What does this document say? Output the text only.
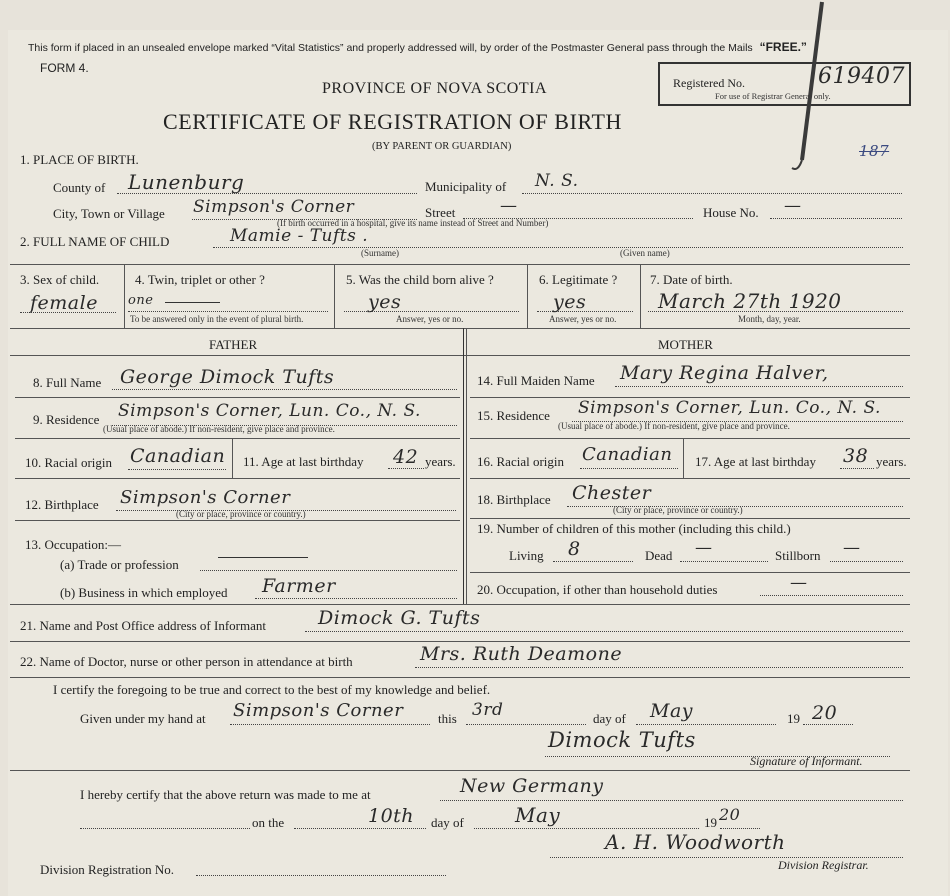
This form if placed in an unsealed envelope marked “Vital Statistics” and properly addressed will, by order of the Postmaster General pass through the Mails “FREE.”
FORM 4.
PROVINCE OF NOVA SCOTIA
CERTIFICATE OF REGISTRATION OF BIRTH
(BY PARENT OR GUARDIAN)
Registered No.	619407
For use of Registrar General only.
187
1. PLACE OF BIRTH.
County of Lunenburg	Municipality of N. S.
City, Town or Village Simpson's Corner	Street	—	House No. —
(If birth occurred in a hospital, give its name instead of Street and Number)
2. FULL NAME OF CHILD	Mamie - Tufts .
(Surname)	(Given name)
3. Sex of child.
female
4. Twin, triplet or other ?
one
To be answered only in the event of plural birth.
5. Was the child born alive ?
yes
Answer, yes or no.
6. Legitimate ?
yes
Answer, yes or no.
7. Date of birth.
March 27th 1920
Month, day, year.
FATHER	MOTHER
8. Full Name George Dimock Tufts
9. Residence Simpson's Corner, Lun. Co., N. S.
(Usual place of abode.) If non-resident, give place and province.
10. Racial origin Canadian 11. Age at last birthday 42 years.
12. Birthplace Simpson's Corner
(City or place, province or country.)
13. Occupation:—
(a) Trade or profession
(b) Business in which employed Farmer
14. Full Maiden Name Mary Regina Halver,
15. Residence Simpson's Corner, Lun. Co., N. S.
(Usual place of abode.) If non-resident, give place and province.
16. Racial origin Canadian 17. Age at last birthday 38 years.
18. Birthplace Chester
(City or place, province or country.)
19. Number of children of this mother (including this child.)
Living 8	Dead —	Stillborn —
20. Occupation, if other than household duties	—
21. Name and Post Office address of Informant	Dimock G. Tufts
22. Name of Doctor, nurse or other person in attendance at birth	Mrs. Ruth Deamone
I certify the foregoing to be true and correct to the best of my knowledge and belief.
Given under my hand at Simpson's Corner	this 3rd	day of May	19 20
Dimock Tufts
Signature of Informant.
I hereby certify that the above return was made to me at	New Germany
on the	10th day of	May	19 20
Division Registration No.
A. H. Woodworth
Division Registrar.
